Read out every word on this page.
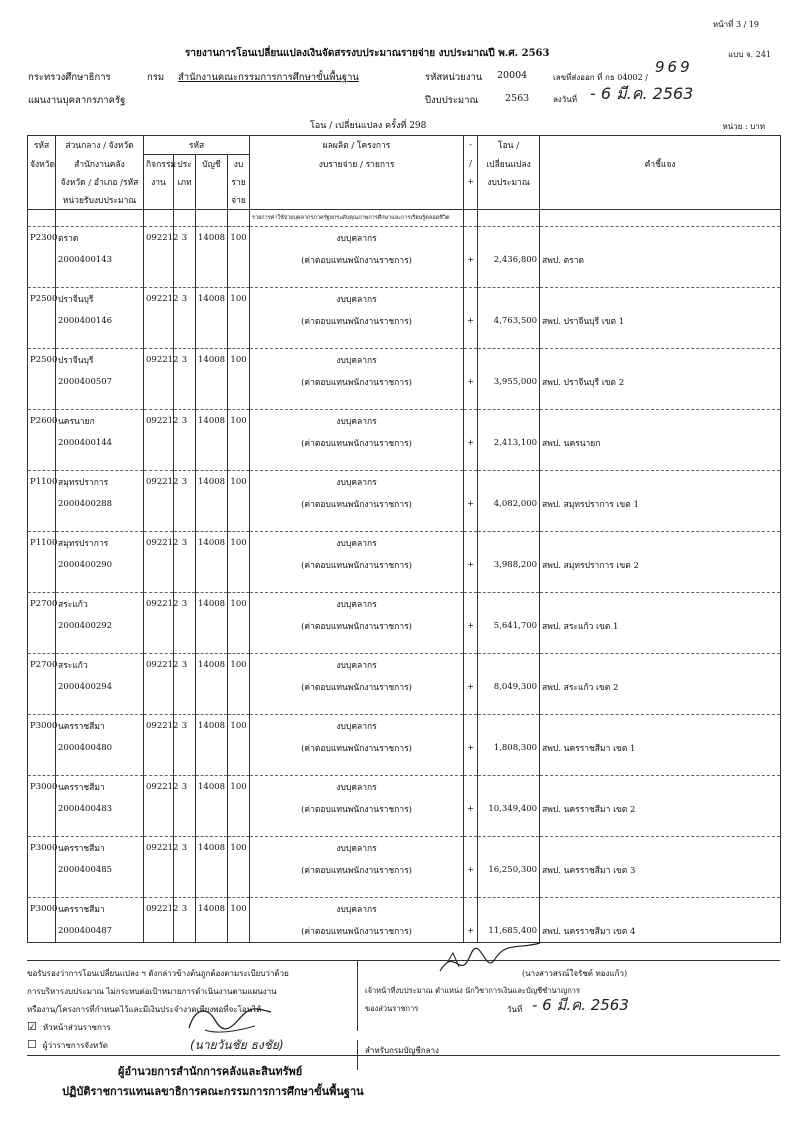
หน้าที่ 3 / 19
รายงานการโอนเปลี่ยนแปลงเงินจัดสรรงบประมาณรายจ่าย งบประมาณปี พ.ศ. 2563	แบบ จ. 241
กระทรวงศึกษาธิการ	กรม สำนักงานคณะกรรมการการศึกษาขั้นพื้นฐาน	รหัสหน่วยงาน 20004	เลขที่ส่งออก ที่ กธ 04002 /
969
แผนงานบุคลากรภาครัฐ	ปีงบประมาณ	2563	ลงวันที่ - 6 มี.ค. 2563
โอน / เปลี่ยนแปลง ครั้งที่ 298	หน่วย : บาท
รหัส	ส่วนกลาง / จังหวัด	รหัส				ผลผลิต / โครงการ	-	โอน /	
จังหวัด	สำนักงานคลัง	กิจกรรม	ประ	บัญชี	งบ	งบรายจ่าย / รายการ	/	เปลี่ยนแปลง	คำชี้แจง
	จังหวัด / อำเภอ /รหัส	งาน	เภท		ราย		+	งบประมาณ	
	หน่วยรับงบประมาณ				จ่าย				
						รายการค่าใช้จ่ายบุคลากรภาครัฐยกระดับคุณภาพการศึกษาและการเรียนรู้ตลอดชีวิต			
P2300	ตราด	092212	3	14008	100	งบบุคลากร			
	2000400143					(ค่าตอบแทนพนักงานราชการ)	+	2,436,800	สพป. ตราด

P2500	ปราจีนบุรี	092212	3	14008	100	งบบุคลากร			
	2000400146					(ค่าตอบแทนพนักงานราชการ)	+	4,763,500	สพป. ปราจีนบุรี เขต 1

P2500	ปราจีนบุรี	092212	3	14008	100	งบบุคลากร			
	2000400507					(ค่าตอบแทนพนักงานราชการ)	+	3,955,000	สพป. ปราจีนบุรี เขต 2

P2600	นครนายก	092212	3	14008	100	งบบุคลากร			
	2000400144					(ค่าตอบแทนพนักงานราชการ)	+	2,413,100	สพป. นครนายก

P1100	สมุทรปราการ	092212	3	14008	100	งบบุคลากร			
	2000400288					(ค่าตอบแทนพนักงานราชการ)	+	4,082,000	สพป. สมุทรปราการ เขต 1

P1100	สมุทรปราการ	092212	3	14008	100	งบบุคลากร			
	2000400290					(ค่าตอบแทนพนักงานราชการ)	+	3,988,200	สพป. สมุทรปราการ เขต 2

P2700	สระแก้ว	092212	3	14008	100	งบบุคลากร			
	2000400292					(ค่าตอบแทนพนักงานราชการ)	+	5,641,700	สพป. สระแก้ว เขต 1

P2700	สระแก้ว	092212	3	14008	100	งบบุคลากร			
	2000400294					(ค่าตอบแทนพนักงานราชการ)	+	8,049,300	สพป. สระแก้ว เขต 2

P3000	นครราชสีมา	092212	3	14008	100	งบบุคลากร			
	2000400480					(ค่าตอบแทนพนักงานราชการ)	+	1,808,300	สพป. นครราชสีมา เขต 1

P3000	นครราชสีมา	092212	3	14008	100	งบบุคลากร			
	2000400483					(ค่าตอบแทนพนักงานราชการ)	+	10,349,400	สพป. นครราชสีมา เขต 2

P3000	นครราชสีมา	092212	3	14008	100	งบบุคลากร			
	2000400485					(ค่าตอบแทนพนักงานราชการ)	+	16,250,300	สพป. นครราชสีมา เขต 3

P3000	นครราชสีมา	092212	3	14008	100	งบบุคลากร			
	2000400487					(ค่าตอบแทนพนักงานราชการ)	+	11,685,400	สพป. นครราชสีมา เขต 4
ขอรับรองว่าการโอนเปลี่ยนแปลง ฯ ดังกล่าวข้างต้นถูกต้องตามระเบียบว่าด้วย
การบริหารงบประมาณ ไม่กระทบต่อเป้าหมายการดำเนินงานตามแผนงาน
หรืองาน/โครงการที่กำหนดไว้และมีเงินประจำงวดเพียงพอที่จะโอนได้
☑ หัวหน้าส่วนราชการ
(นางสาวสรณ์ใจรัชต์ ทองแก้ว)
เจ้าหน้าที่งบประมาณ ตำแหน่ง นักวิชาการเงินและบัญชีชำนาญการ
ของส่วนราชการ	วันที่ - 6 มี.ค. 2563
☐ ผู้ว่าราชการจังหวัด	(นายวันชัย ธงชัย)	สำหรับกรมบัญชีกลาง
ผู้อำนวยการสำนักการคลังและสินทรัพย์
ปฏิบัติราชการแทนเลขาธิการคณะกรรมการการศึกษาขั้นพื้นฐาน
